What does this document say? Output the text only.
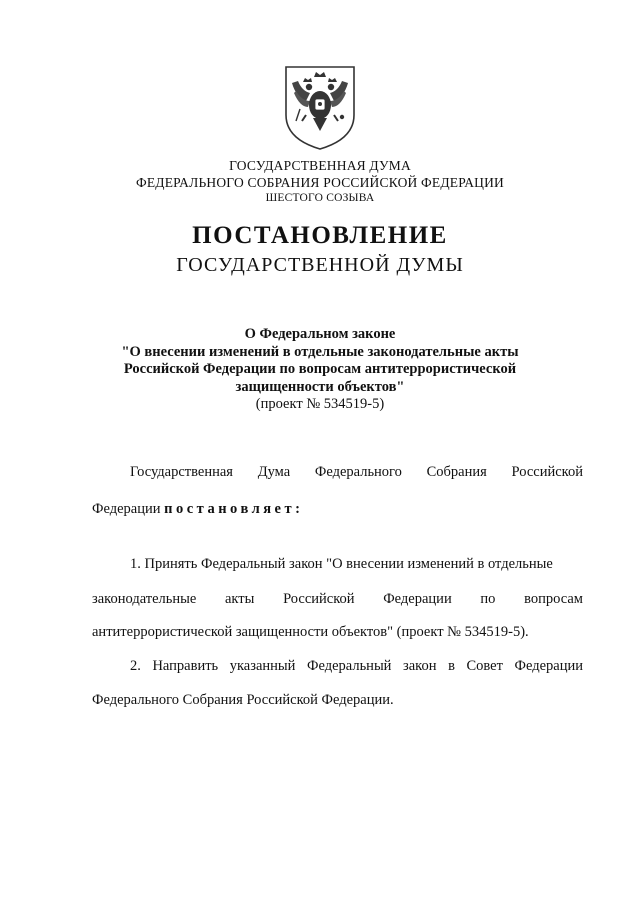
ГОСУДАРСТВЕННАЯ ДУМА
ФЕДЕРАЛЬНОГО СОБРАНИЯ РОССИЙСКОЙ ФЕДЕРАЦИИ
ШЕСТОГО СОЗЫВА
ПОСТАНОВЛЕНИЕ
ГОСУДАРСТВЕННОЙ ДУМЫ
О Федеральном законе
"О внесении изменений в отдельные законодательные акты
Российской Федерации по вопросам антитеррористической
защищенности объектов"
(проект № 534519-5)
Государственная Дума Федерального Собрания Российской
Федерации постановляет:
1. Принять Федеральный закон "О внесении изменений в отдельные
законодательные акты Российской Федерации по вопросам
антитеррористической защищенности объектов" (проект № 534519-5).
2. Направить указанный Федеральный закон в Совет Федерации
Федерального Собрания Российской Федерации.
